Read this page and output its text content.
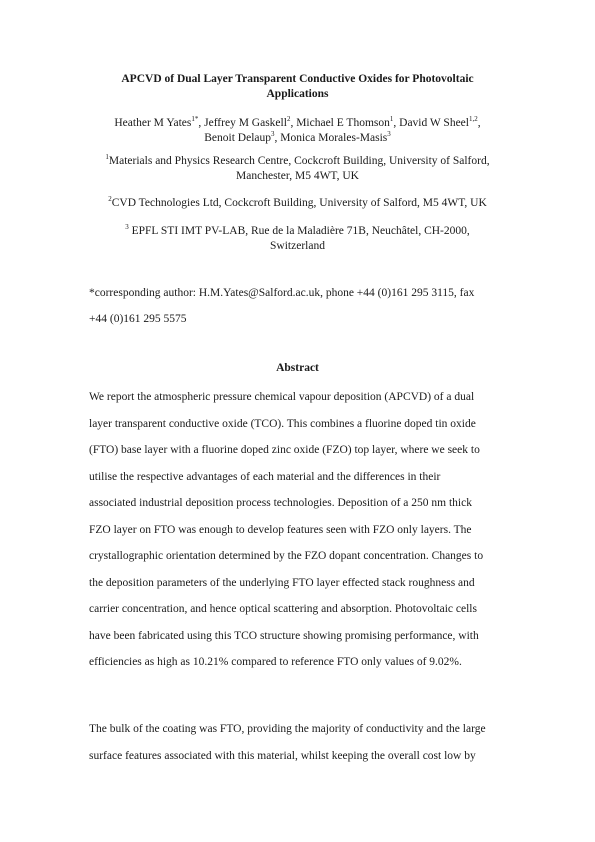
APCVD of Dual Layer Transparent Conductive Oxides for Photovoltaic
Applications
Heather M Yates$^{1*}$, Jeffrey M Gaskell$^2$, Michael E Thomson$^1$, David W Sheel$^{1,2}$,
Benoit Delaup$^3$, Monica Morales-Masis$^3$
$^1$Materials and Physics Research Centre, Cockcroft Building, University of Salford,
Manchester, M5 4WT, UK
$^2$CVD Technologies Ltd, Cockcroft Building, University of Salford, M5 4WT, UK
$^3$ EPFL STI IMT PV-LAB, Rue de la Maladière 71B, Neuchâtel, CH-2000,
Switzerland
*corresponding author: H.M.Yates@Salford.ac.uk, phone +44 (0)161 295 3115, fax
+44 (0)161 295 5575
Abstract
We report the atmospheric pressure chemical vapour deposition (APCVD) of a dual
layer transparent conductive oxide (TCO). This combines a fluorine doped tin oxide
(FTO) base layer with a fluorine doped zinc oxide (FZO) top layer, where we seek to
utilise the respective advantages of each material and the differences in their
associated industrial deposition process technologies. Deposition of a 250 nm thick
FZO layer on FTO was enough to develop features seen with FZO only layers. The
crystallographic orientation determined by the FZO dopant concentration. Changes to
the deposition parameters of the underlying FTO layer effected stack roughness and
carrier concentration, and hence optical scattering and absorption. Photovoltaic cells
have been fabricated using this TCO structure showing promising performance, with
efficiencies as high as 10.21% compared to reference FTO only values of 9.02%.
The bulk of the coating was FTO, providing the majority of conductivity and the large
surface features associated with this material, whilst keeping the overall cost low by
